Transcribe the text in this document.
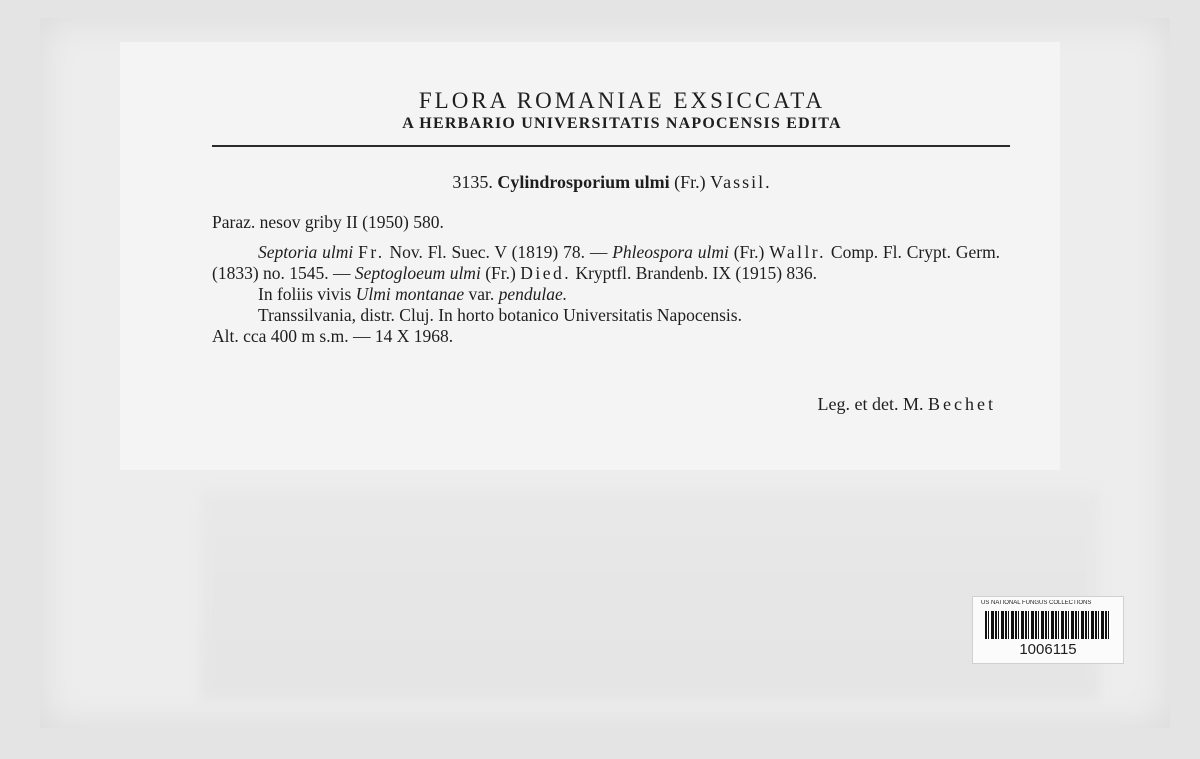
FLORA ROMANIAE EXSICCATA

A HERBARIO UNIVERSITATIS NAPOCENSIS EDITA

3135. Cylindrosporium ulmi (Fr.) Vassil.

Paraz. nesov griby II (1950) 580.

Septoria ulmi Fr. Nov. Fl. Suec. V (1819) 78. — Phleospora ulmi (Fr.) Wallr. Comp. Fl. Crypt. Germ. (1833) no. 1545. — Septogloeum ulmi (Fr.) Died. Kryptfl. Brandenb. IX (1915) 836.

In foliis vivis Ulmi montanae var. pendulae.

Transsilvania, distr. Cluj. In horto botanico Universitatis Napocensis.

Alt. cca 400 m s.m. — 14 X 1968.

Leg. et det. M. Bechet
US NATIONAL FUNGUS COLLECTIONS
1006115
